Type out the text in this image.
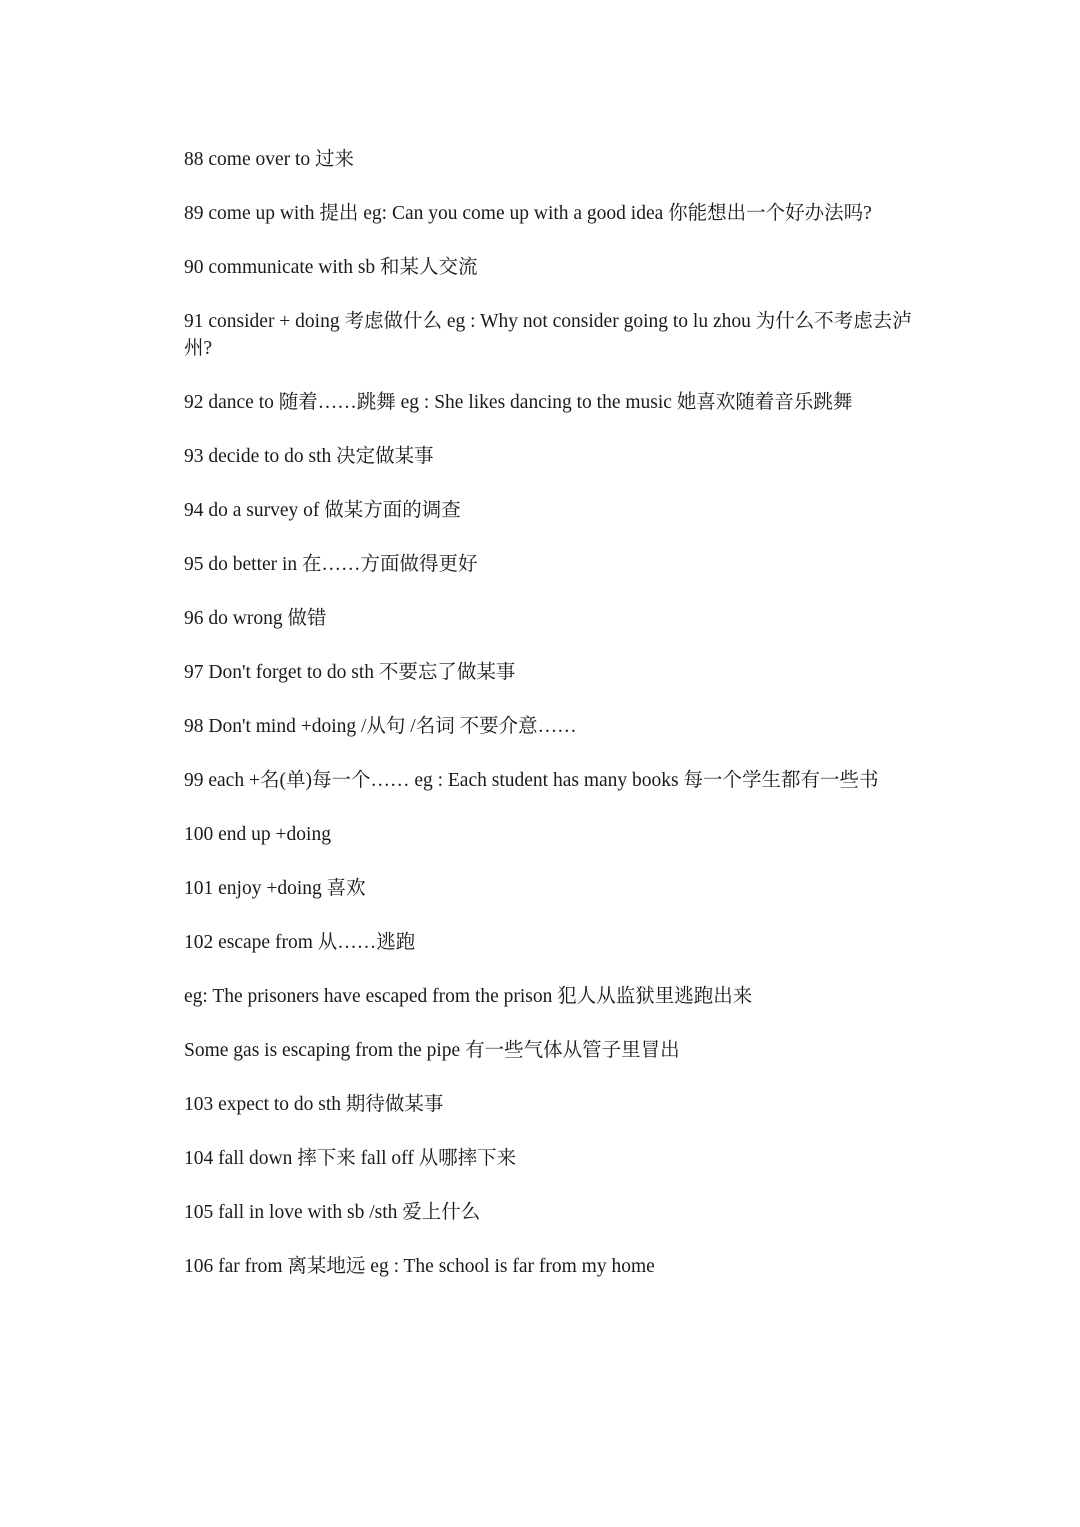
88 come over to 过来

89 come up with 提出 eg: Can you come up with a good idea 你能想出一个好办法吗?

90 communicate with sb 和某人交流

91 consider + doing 考虑做什么 eg : Why not consider going to lu zhou 为什么不考虑去泸州?

92 dance to 随着……跳舞 eg : She likes dancing to the music 她喜欢随着音乐跳舞

93 decide to do sth 决定做某事

94 do a survey of 做某方面的调查

95 do better in 在……方面做得更好

96 do wrong 做错

97 Don't forget to do sth 不要忘了做某事

98 Don't mind +doing /从句 /名词 不要介意……

99 each +名(单)每一个…… eg : Each student has many books 每一个学生都有一些书

100 end up +doing

101 enjoy +doing 喜欢

102 escape from 从……逃跑

eg: The prisoners have escaped from the prison 犯人从监狱里逃跑出来

Some gas is escaping from the pipe 有一些气体从管子里冒出

103 expect to do sth 期待做某事

104 fall down 摔下来 fall off 从哪摔下来

105 fall in love with sb /sth 爱上什么

106 far from 离某地远 eg : The school is far from my home
